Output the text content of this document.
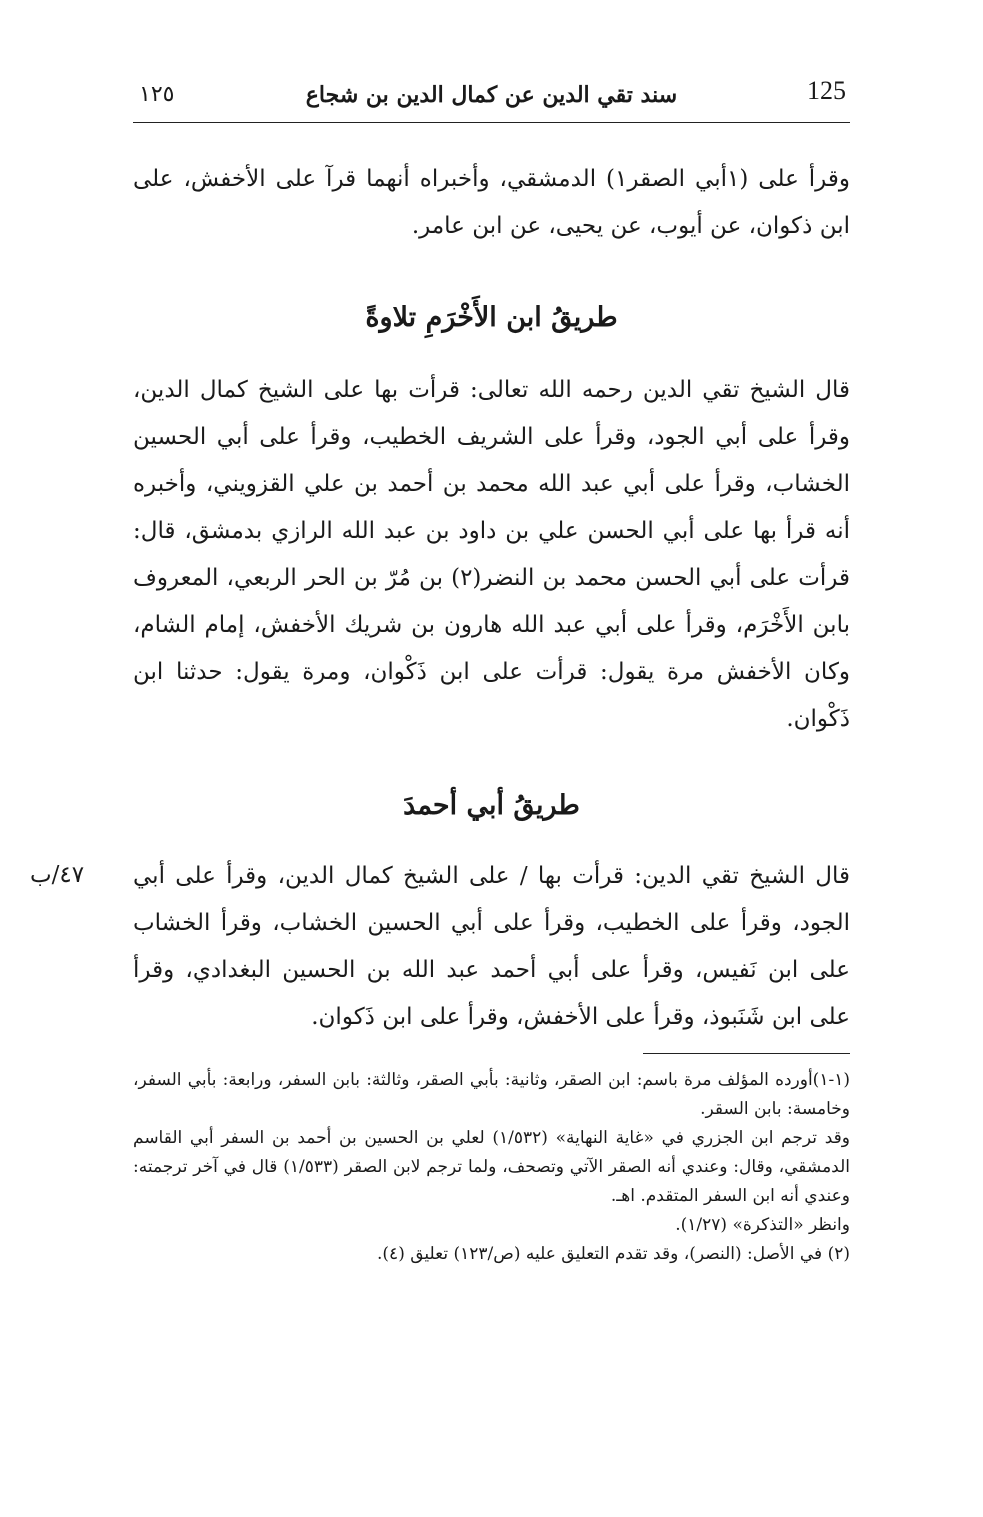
125
سند تقي الدين عن كمال الدين بن شجاع
١٢٥

وقرأ على (١أبي الصقر١) الدمشقي، وأخبراه أنهما قرآ على الأخفش، على ابن ذكوان، عن أيوب، عن يحيى، عن ابن عامر.

طريقُ ابن الأَخْرَمِ تلاوةً

قال الشيخ تقي الدين رحمه الله تعالى: قرأت بها على الشيخ كمال الدين، وقرأ على أبي الجود، وقرأ على الشريف الخطيب، وقرأ على أبي الحسين الخشاب، وقرأ على أبي عبد الله محمد بن أحمد بن علي القزويني، وأخبره أنه قرأ بها على أبي الحسن علي بن داود بن عبد الله الرازي بدمشق، قال: قرأت على أبي الحسن محمد بن النضر(٢) بن مُرّ بن الحر الربعي، المعروف بابن الأَخْرَم، وقرأ على أبي عبد الله هارون بن شريك الأخفش، إمام الشام، وكان الأخفش مرة يقول: قرأت على ابن ذَكْوان، ومرة يقول: حدثنا ابن ذَكْوان.

طريقُ أبي أحمدَ
٤٧/ب	قال الشيخ تقي الدين: قرأت بها / على الشيخ كمال الدين، وقرأ على أبي الجود، وقرأ على الخطيب، وقرأ على أبي الحسين الخشاب، وقرأ الخشاب على ابن نَفيس، وقرأ على أبي أحمد عبد الله بن الحسين البغدادي، وقرأ على ابن شَنَبوذ، وقرأ على الأخفش، وقرأ على ابن ذَكوان.

(١-١)أورده المؤلف مرة باسم: ابن الصقر، وثانية: بأبي الصقر، وثالثة: بابن السفر، ورابعة: بأبي السفر، وخامسة: بابن السقر.

وقد ترجم ابن الجزري في «غاية النهاية» (١/٥٣٢) لعلي بن الحسين بن أحمد بن السفر أبي القاسم الدمشقي، وقال: وعندي أنه الصقر الآتي وتصحف، ولما ترجم لابن الصقر (١/٥٣٣) قال في آخر ترجمته: وعندي أنه ابن السفر المتقدم. اهـ.

وانظر «التذكرة» (١/٢٧).

(٢) في الأصل: (النصر)، وقد تقدم التعليق عليه (ص/١٢٣) تعليق (٤).
